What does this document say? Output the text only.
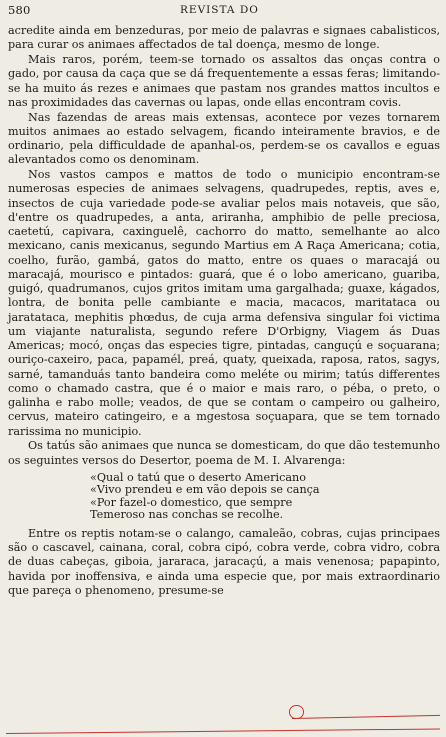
580	REVISTA DO

acredite ainda em benzeduras, por meio de palavras e signaes cabalisticos, para curar os animaes affectados de tal doença, mesmo de longe.

Mais raros, porém, teem-se tornado os assaltos das onças contra o gado, por causa da caça que se dá frequentemente a essas feras; limitando-se ha muito ás rezes e animaes que pastam nos grandes mattos incultos e nas proximidades das cavernas ou lapas, onde ellas encontram covis.

Nas fazendas de areas mais extensas, acontece por vezes tornarem muitos animaes ao estado selvagem, ficando inteiramente bravios, e de ordinario, pela difficuldade de apanhal-os, perdem-se os cavallos e eguas alevantados como os denominam.

Nos vastos campos e mattos de todo o municipio encontram-se numerosas especies de animaes selvagens, quadrupedes, reptis, aves e, insectos de cuja variedade pode-se avaliar pelos mais notaveis, que são, d'entre os quadrupedes, a anta, ariranha, amphibio de pelle preciosa, caetetú, capivara, caxinguelê, cachorro do matto, semelhante ao alco mexicano, canis mexicanus, segundo Martius em A Raça Americana; cotia, coelho, furão, gambá, gatos do matto, entre os quaes o maracajá ou maracajá, mourisco e pintados: guará, que é o lobo americano, guariba, guigó, quadrumanos, cujos gritos imitam uma gargalhada; guaxe, kágados, lontra, de bonita pelle cambiante e macia, macacos, maritataca ou jaratataca, mephitis phœdus, de cuja arma defensiva singular foi victima um viajante naturalista, segundo refere D'Orbigny, Viagem ás Duas Americas; mocó, onças das especies tigre, pintadas, canguçú e soçuarana; ouriço-caxeiro, paca, papamél, preá, quaty, queixada, raposa, ratos, sagys, sarné, tamanduás tanto bandeira como meléte ou mirim; tatús differentes como o chamado castra, que é o maior e mais raro, o péba, o preto, o galinha e rabo molle; veados, de que se contam o campeiro ou galheiro, cervus, mateiro catingeiro, e a mgestosa soçuapara, que se tem tornado rarissima no municipio.

Os tatús são animaes que nunca se domesticam, do que dão testemunho os seguintes versos do Desertor, poema de M. I. Alvarenga:

«Qual o tatú que o deserto Americano
«Vivo prendeu e em vão depois se cança
«Por fazel-o domestico, que sempre
Temeroso nas conchas se recolhe.

Entre os reptis notam-se o calango, camaleão, cobras, cujas principaes são o cascavel, cainana, coral, cobra cipó, cobra verde, cobra vidro, cobra de duas cabeças, giboia, jararaca, jaracaçú, a mais venenosa; papapinto, havida por inoffensiva, e ainda uma especie que, por mais extraordinario que pareça o phenomeno, presume-se
